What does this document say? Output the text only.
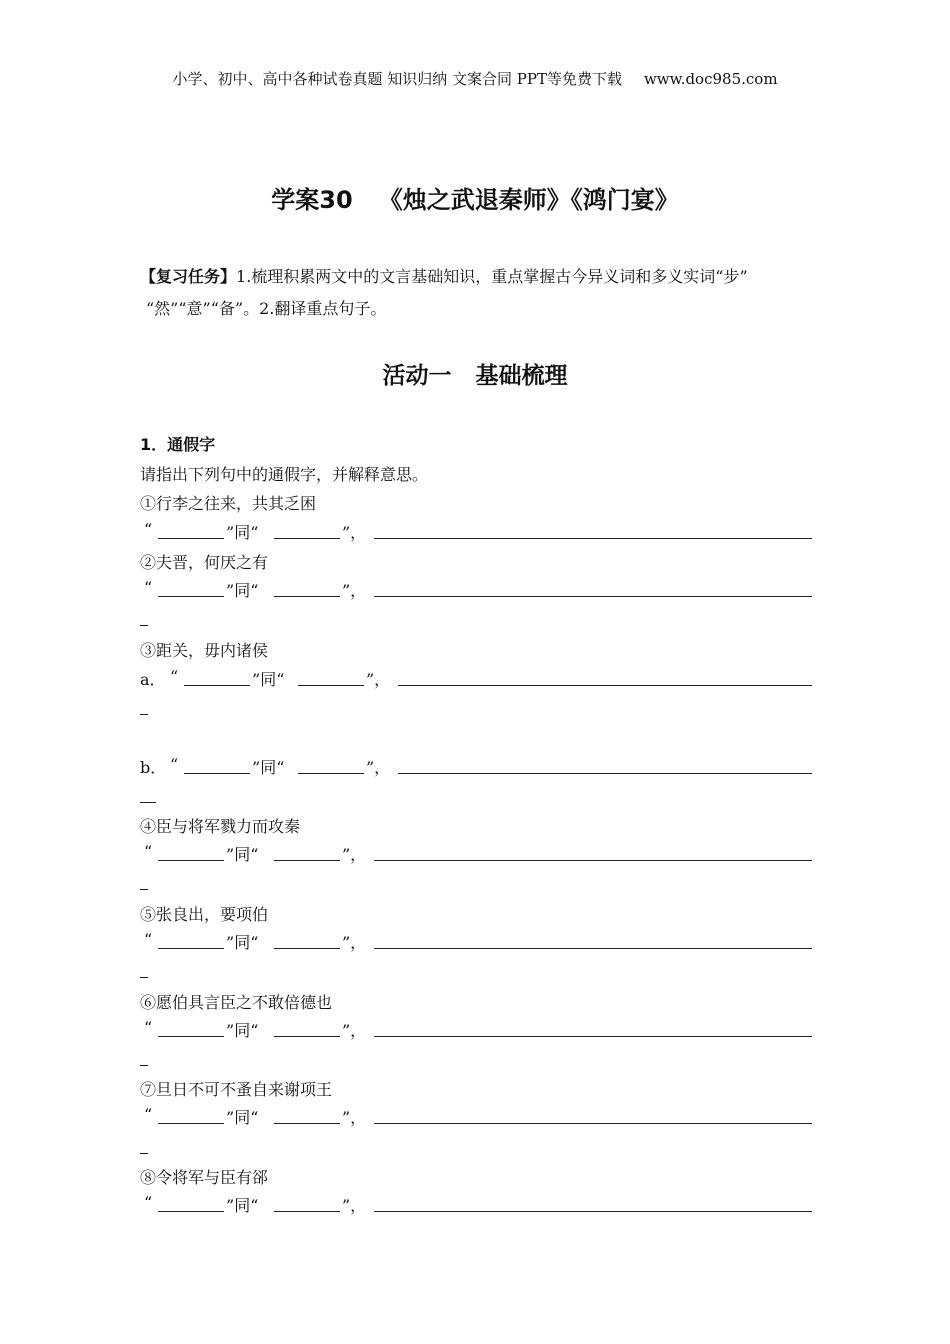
小学、初中、高中各种试卷真题 知识归纳 文案合同 PPT等免费下载 www.doc985.com
学案30 《烛之武退秦师》《鸿门宴》
【复习任务】1.梳理积累两文中的文言基础知识，重点掌握古今异义词和多义实词“步”
“然”“意”“备”。2.翻译重点句子。
活动一 基础梳理
1．通假字
请指出下列句中的通假字，并解释意思。
①行李之往来，共其乏困
“	”同“	”，
②夫晋，何厌之有
“	”同“	”，
③距关，毋内诸侯
a． “	”同“	”，
b． “	”同“	”，
④臣与将军戮力而攻秦
“	”同“	”，
⑤张良出，要项伯
“	”同“	”，
⑥愿伯具言臣之不敢倍德也
“	”同“	”，
⑦旦日不可不蚤自来谢项王
“	”同“	”，
⑧令将军与臣有郤
“	”同“	”，
